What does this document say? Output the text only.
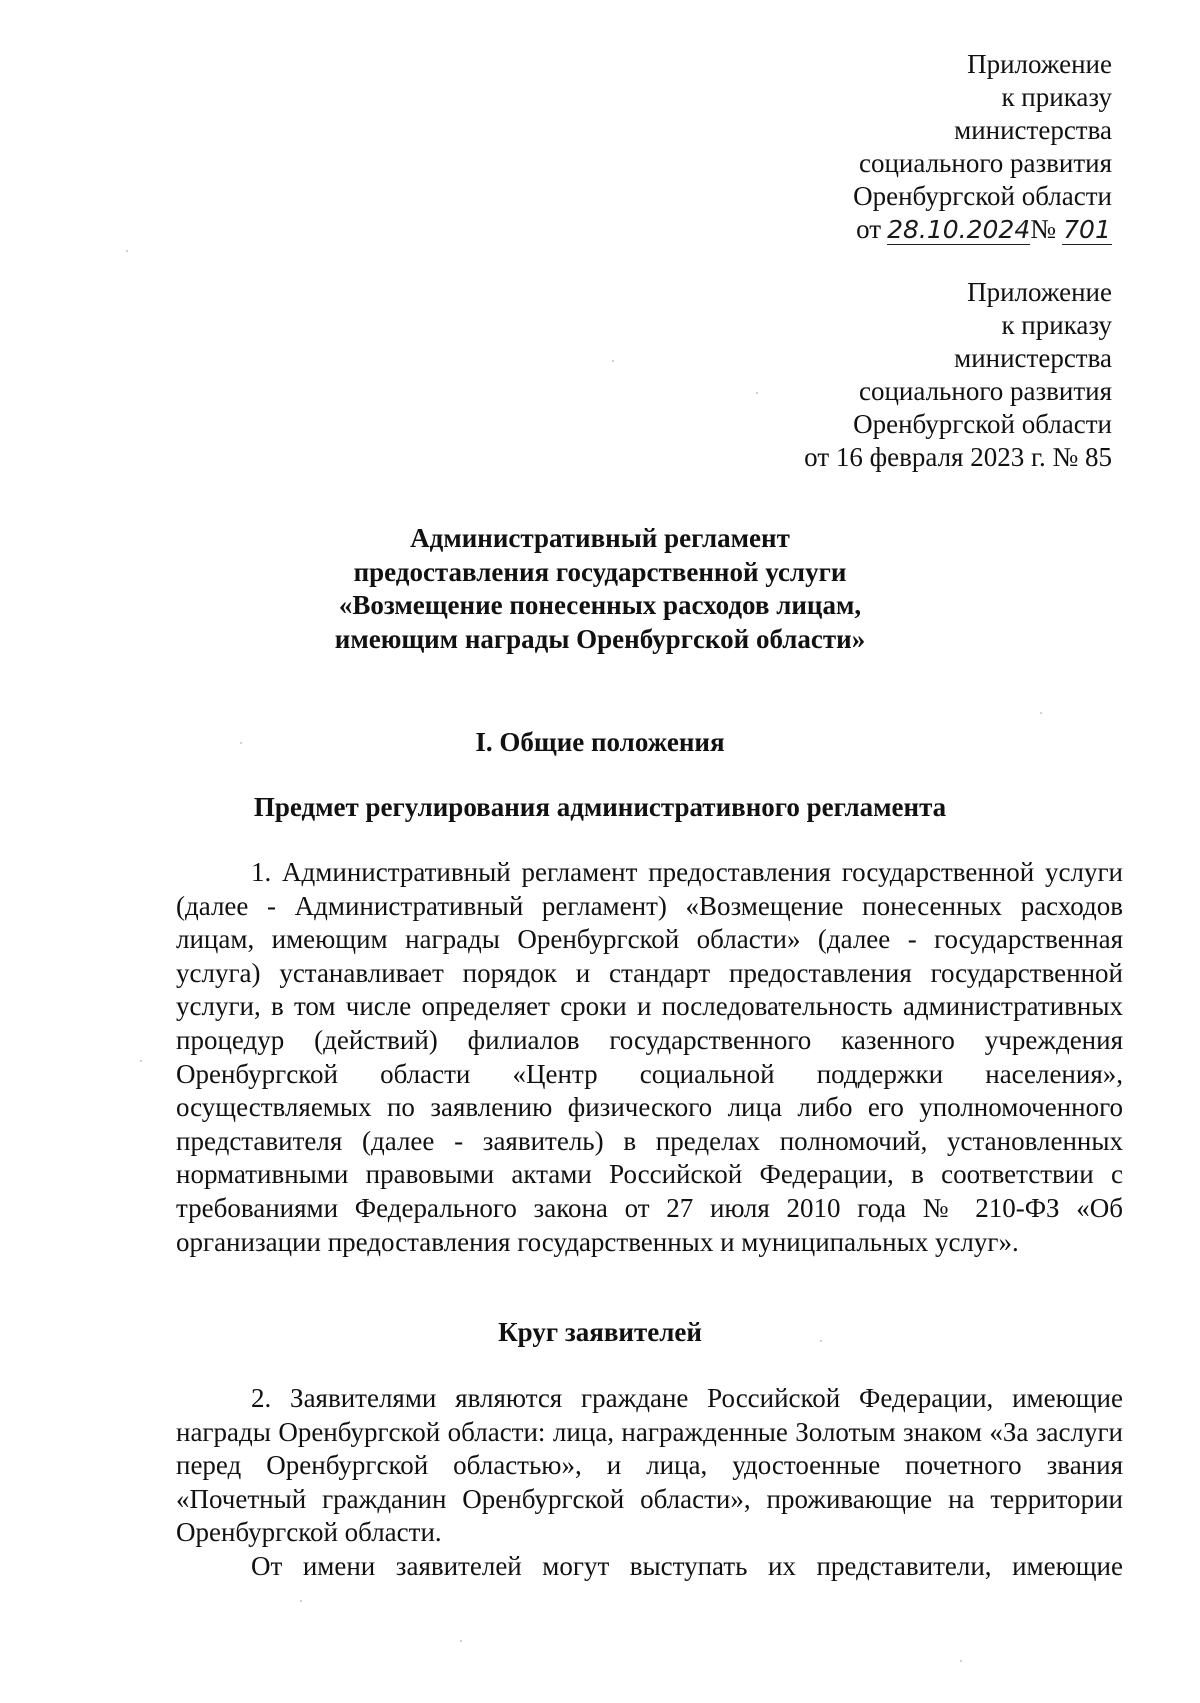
Приложение
к приказу
министерства
социального развития
Оренбургской области
от 28.10.2024№ 701
Приложение
к приказу
министерства
социального развития
Оренбургской области
от 16 февраля 2023 г. № 85
Административный регламент
предоставления государственной услуги
«Возмещение понесенных расходов лицам,
имеющим награды Оренбургской области»
I. Общие положения
Предмет регулирования административного регламента

1. Административный регламент предоставления государственной услуги (далее - Административный регламент) «Возмещение понесенных расходов лицам, имеющим награды Оренбургской области» (далее - государственная услуга) устанавливает порядок и стандарт предоставления государственной услуги, в том числе определяет сроки и последовательность административных процедур (действий) филиалов государственного казенного учреждения Оренбургской области «Центр социальной поддержки населения», осуществляемых по заявлению физического лица либо его уполномоченного представителя (далее - заявитель) в пределах полномочий, установленных нормативными правовыми актами Российской Федерации, в соответствии с требованиями Федерального закона от 27 июля 2010 года № 210-ФЗ «Об организации предоставления государственных и муниципальных услуг».

Круг заявителей

2. Заявителями являются граждане Российской Федерации, имеющие награды Оренбургской области: лица, награжденные Золотым знаком «За заслуги перед Оренбургской областью», и лица, удостоенные почетного звания «Почетный гражданин Оренбургской области», проживающие на территории Оренбургской области.

От имени заявителей могут выступать их представители, имеющие
